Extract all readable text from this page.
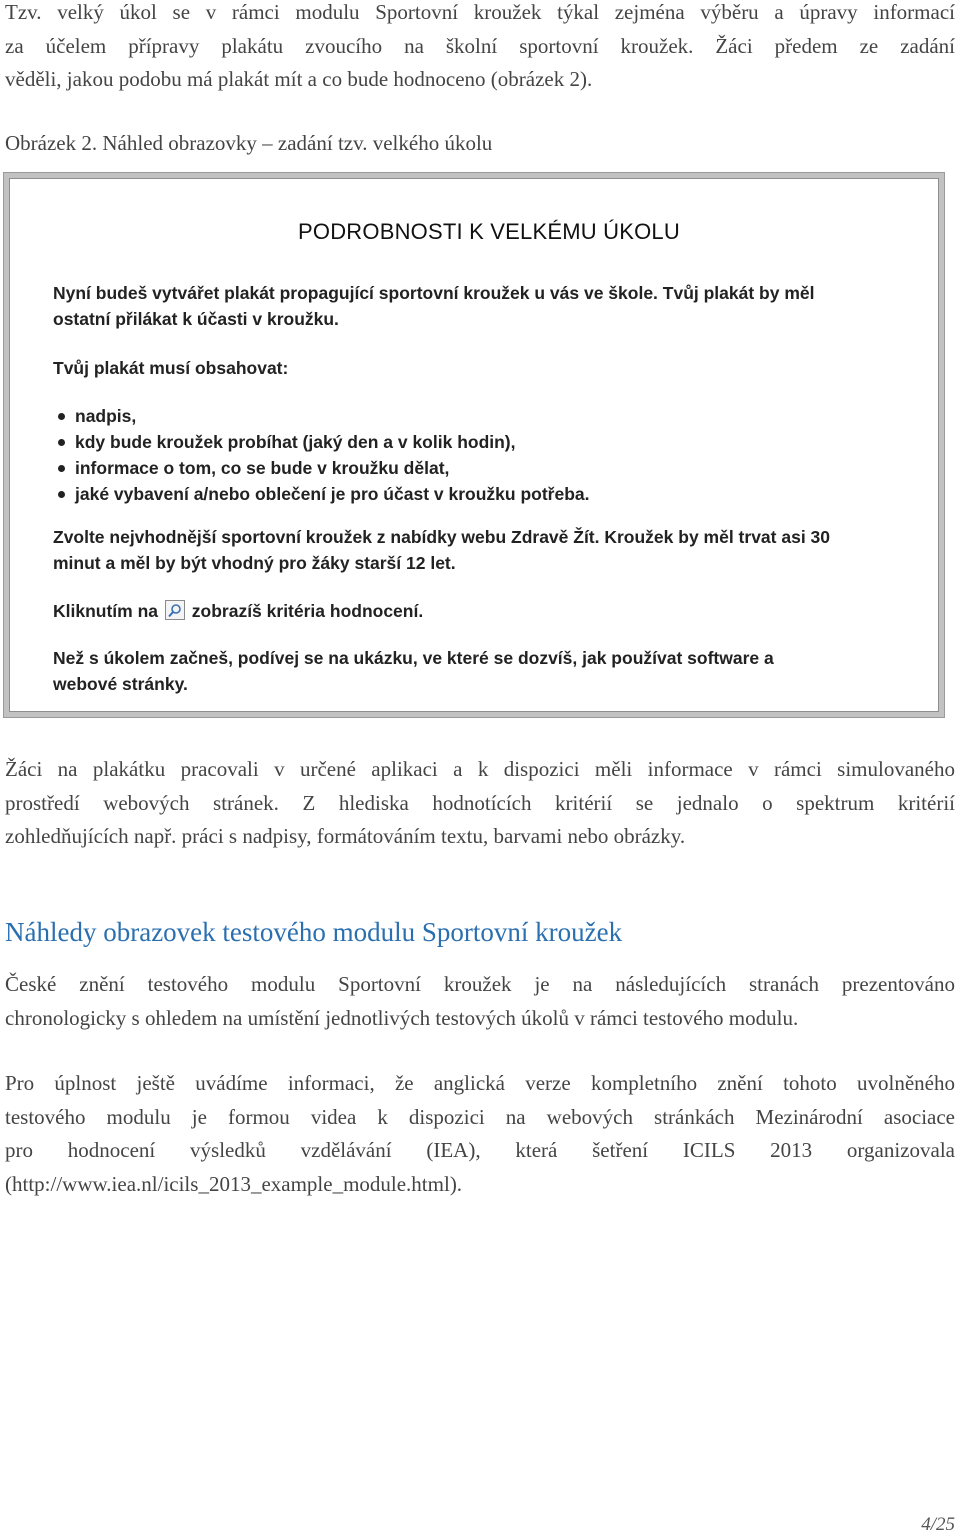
Tzv. velký úkol se v rámci modulu Sportovní kroužek týkal zejména výběru a úpravy informací
za účelem přípravy plakátu zvoucího na školní sportovní kroužek. Žáci předem ze zadání
věděli, jakou podobu má plakát mít a co bude hodnoceno (obrázek 2).

Obrázek 2. Náhled obrazovky – zadání tzv. velkého úkolu

PODROBNOSTI K VELKÉMU ÚKOLU
Nyní budeš vytvářet plakát propagující sportovní kroužek u vás ve škole. Tvůj plakát by měl
ostatní přilákat k účasti v kroužku.
Tvůj plakát musí obsahovat:
nadpis,
kdy bude kroužek probíhat (jaký den a v kolik hodin),
informace o tom, co se bude v kroužku dělat,
jaké vybavení a/nebo oblečení je pro účast v kroužku potřeba.
Zvolte nejvhodnější sportovní kroužek z nabídky webu Zdravě Žít. Kroužek by měl trvat asi 30
minut a měl by být vhodný pro žáky starší 12 let.
Kliknutím na zobrazíš kritéria hodnocení.
Než s úkolem začneš, podívej se na ukázku, ve které se dozvíš, jak používat software a
webové stránky.
Žáci na plakátku pracovali v určené aplikaci a k dispozici měli informace v rámci simulovaného
prostředí webových stránek. Z hlediska hodnotících kritérií se jednalo o spektrum kritérií
zohledňujících např. práci s nadpisy, formátováním textu, barvami nebo obrázky.
Náhledy obrazovek testového modulu Sportovní kroužek
České znění testového modulu Sportovní kroužek je na následujících stranách prezentováno
chronologicky s ohledem na umístění jednotlivých testových úkolů v rámci testového modulu.
Pro úplnost ještě uvádíme informaci, že anglická verze kompletního znění tohoto uvolněného
testového modulu je formou videa k dispozici na webových stránkách Mezinárodní asociace
pro hodnocení výsledků vzdělávání (IEA), která šetření ICILS 2013 organizovala
(http://www.iea.nl/icils_2013_example_module.html).
4/25
